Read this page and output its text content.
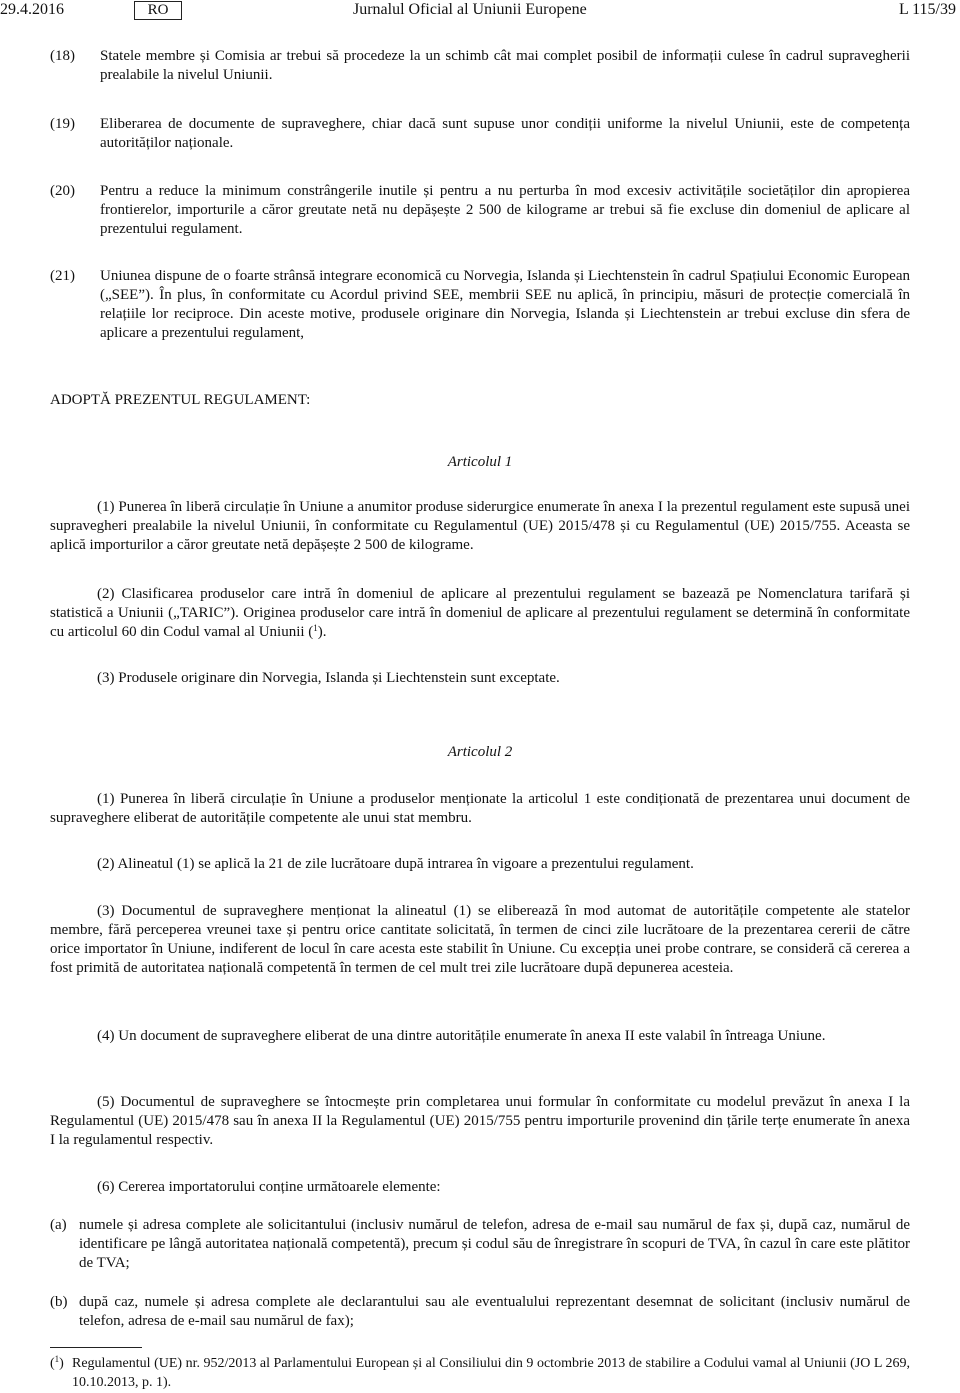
29.4.2016	RO	Jurnalul Oficial al Uniunii Europene	L 115/39
(18) Statele membre și Comisia ar trebui să procedeze la un schimb cât mai complet posibil de informații culese în cadrul supravegherii prealabile la nivelul Uniunii.
(19) Eliberarea de documente de supraveghere, chiar dacă sunt supuse unor condiții uniforme la nivelul Uniunii, este de competența autorităților naționale.
(20) Pentru a reduce la minimum constrângerile inutile și pentru a nu perturba în mod excesiv activitățile societăților din apropierea frontierelor, importurile a căror greutate netă nu depășește 2 500 de kilograme ar trebui să fie excluse din domeniul de aplicare al prezentului regulament.
(21) Uniunea dispune de o foarte strânsă integrare economică cu Norvegia, Islanda și Liechtenstein în cadrul Spațiului Economic European („SEE”). În plus, în conformitate cu Acordul privind SEE, membrii SEE nu aplică, în principiu, măsuri de protecție comercială în relațiile lor reciproce. Din aceste motive, produsele originare din Norvegia, Islanda și Liechtenstein ar trebui excluse din sfera de aplicare a prezentului regulament,
ADOPTĂ PREZENTUL REGULAMENT:
Articolul 1
(1) Punerea în liberă circulație în Uniune a anumitor produse siderurgice enumerate în anexa I la prezentul regulament este supusă unei supravegheri prealabile la nivelul Uniunii, în conformitate cu Regulamentul (UE) 2015/478 și cu Regulamentul (UE) 2015/755. Aceasta se aplică importurilor a căror greutate netă depășește 2 500 de kilograme.
(2) Clasificarea produselor care intră în domeniul de aplicare al prezentului regulament se bazează pe Nomenclatura tarifară și statistică a Uniunii („TARIC”). Originea produselor care intră în domeniul de aplicare al prezentului regulament se determină în conformitate cu articolul 60 din Codul vamal al Uniunii ($^1$).
(3) Produsele originare din Norvegia, Islanda și Liechtenstein sunt exceptate.
Articolul 2
(1) Punerea în liberă circulație în Uniune a produselor menționate la articolul 1 este condiționată de prezentarea unui document de supraveghere eliberat de autoritățile competente ale unui stat membru.
(2) Alineatul (1) se aplică la 21 de zile lucrătoare după intrarea în vigoare a prezentului regulament.
(3) Documentul de supraveghere menționat la alineatul (1) se eliberează în mod automat de autoritățile competente ale statelor membre, fără perceperea vreunei taxe și pentru orice cantitate solicitată, în termen de cinci zile lucrătoare de la prezentarea cererii de către orice importator în Uniune, indiferent de locul în care acesta este stabilit în Uniune. Cu excepția unei probe contrare, se consideră că cererea a fost primită de autoritatea națională competentă în termen de cel mult trei zile lucrătoare după depunerea acesteia.
(4) Un document de supraveghere eliberat de una dintre autoritățile enumerate în anexa II este valabil în întreaga Uniune.
(5) Documentul de supraveghere se întocmește prin completarea unui formular în conformitate cu modelul prevăzut în anexa I la Regulamentul (UE) 2015/478 sau în anexa II la Regulamentul (UE) 2015/755 pentru importurile provenind din țările terțe enumerate în anexa I la regulamentul respectiv.
(6) Cererea importatorului conține următoarele elemente:
(a) numele și adresa complete ale solicitantului (inclusiv numărul de telefon, adresa de e-mail sau numărul de fax și, după caz, numărul de identificare pe lângă autoritatea națională competentă), precum și codul său de înregistrare în scopuri de TVA, în cazul în care este plătitor de TVA;
(b) după caz, numele și adresa complete ale declarantului sau ale eventualului reprezentant desemnat de solicitant (inclusiv numărul de telefon, adresa de e-mail sau numărul de fax);
($^1$) Regulamentul (UE) nr. 952/2013 al Parlamentului European și al Consiliului din 9 octombrie 2013 de stabilire a Codului vamal al Uniunii (JO L 269, 10.10.2013, p. 1).
